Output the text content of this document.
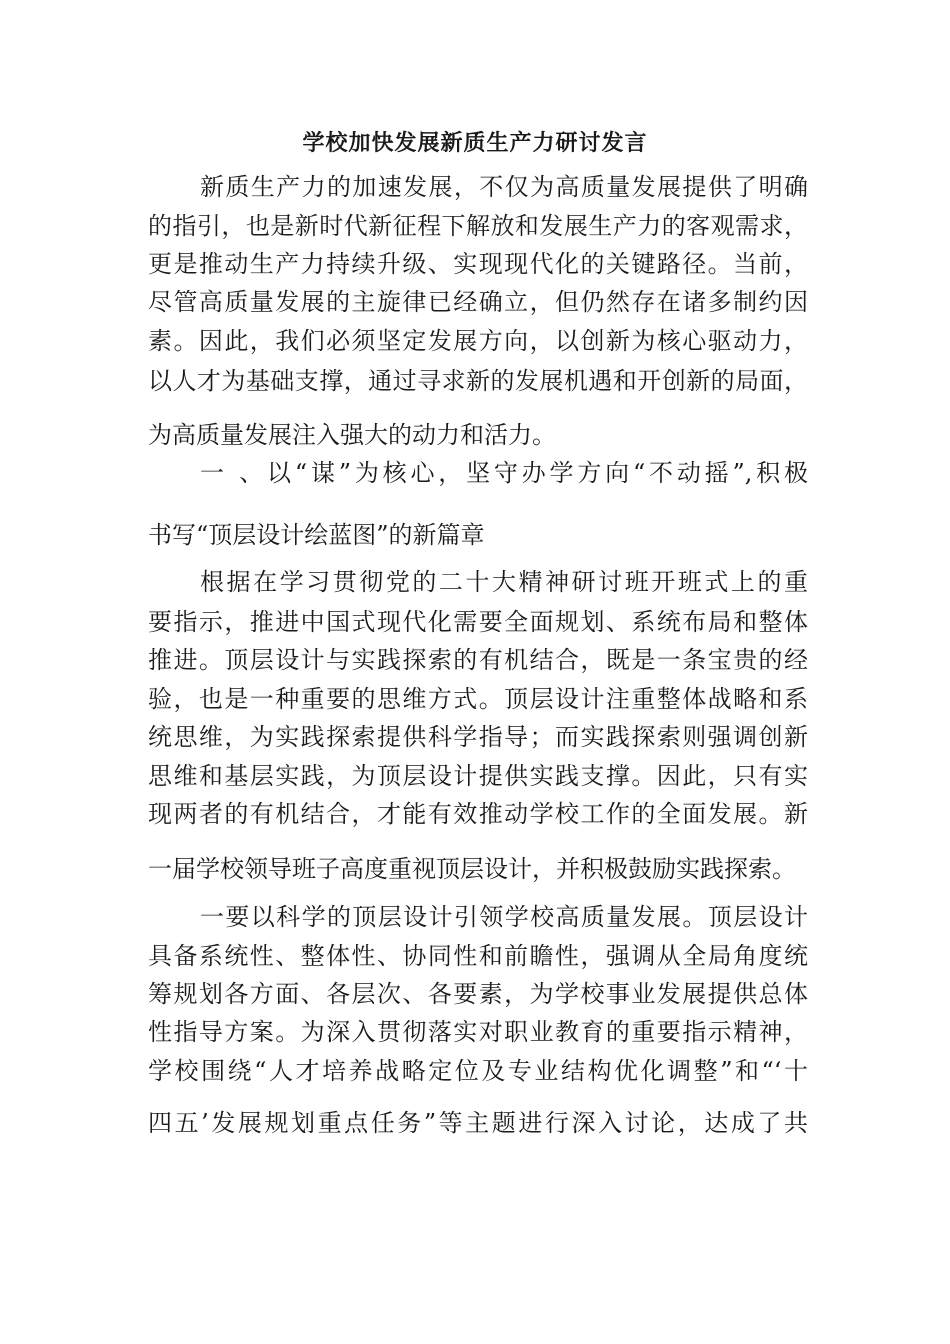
学校加快发展新质生产力研讨发言
新质生产力的加速发展，不仅为高质量发展提供了明确
的指引，也是新时代新征程下解放和发展生产力的客观需求，
更是推动生产力持续升级、实现现代化的关键路径。当前，
尽管高质量发展的主旋律已经确立，但仍然存在诸多制约因
素。因此，我们必须坚定发展方向，以创新为核心驱动力，
以人才为基础支撑，通过寻求新的发展机遇和开创新的局面，
为高质量发展注入强大的动力和活力。
一 、以“谋”为核心，坚守办学方向“不动摇”,积极
书写“顶层设计绘蓝图”的新篇章
根据在学习贯彻党的二十大精神研讨班开班式上的重
要指示，推进中国式现代化需要全面规划、系统布局和整体
推进。顶层设计与实践探索的有机结合，既是一条宝贵的经
验，也是一种重要的思维方式。顶层设计注重整体战略和系
统思维，为实践探索提供科学指导；而实践探索则强调创新
思维和基层实践，为顶层设计提供实践支撑。因此，只有实
现两者的有机结合，才能有效推动学校工作的全面发展。新
一届学校领导班子高度重视顶层设计，并积极鼓励实践探索。
一要以科学的顶层设计引领学校高质量发展。顶层设计
具备系统性、整体性、协同性和前瞻性，强调从全局角度统
筹规划各方面、各层次、各要素，为学校事业发展提供总体
性指导方案。为深入贯彻落实对职业教育的重要指示精神，
学校围绕“人才培养战略定位及专业结构优化调整”和“‘十
四五’发展规划重点任务”等主题进行深入讨论，达成了共
